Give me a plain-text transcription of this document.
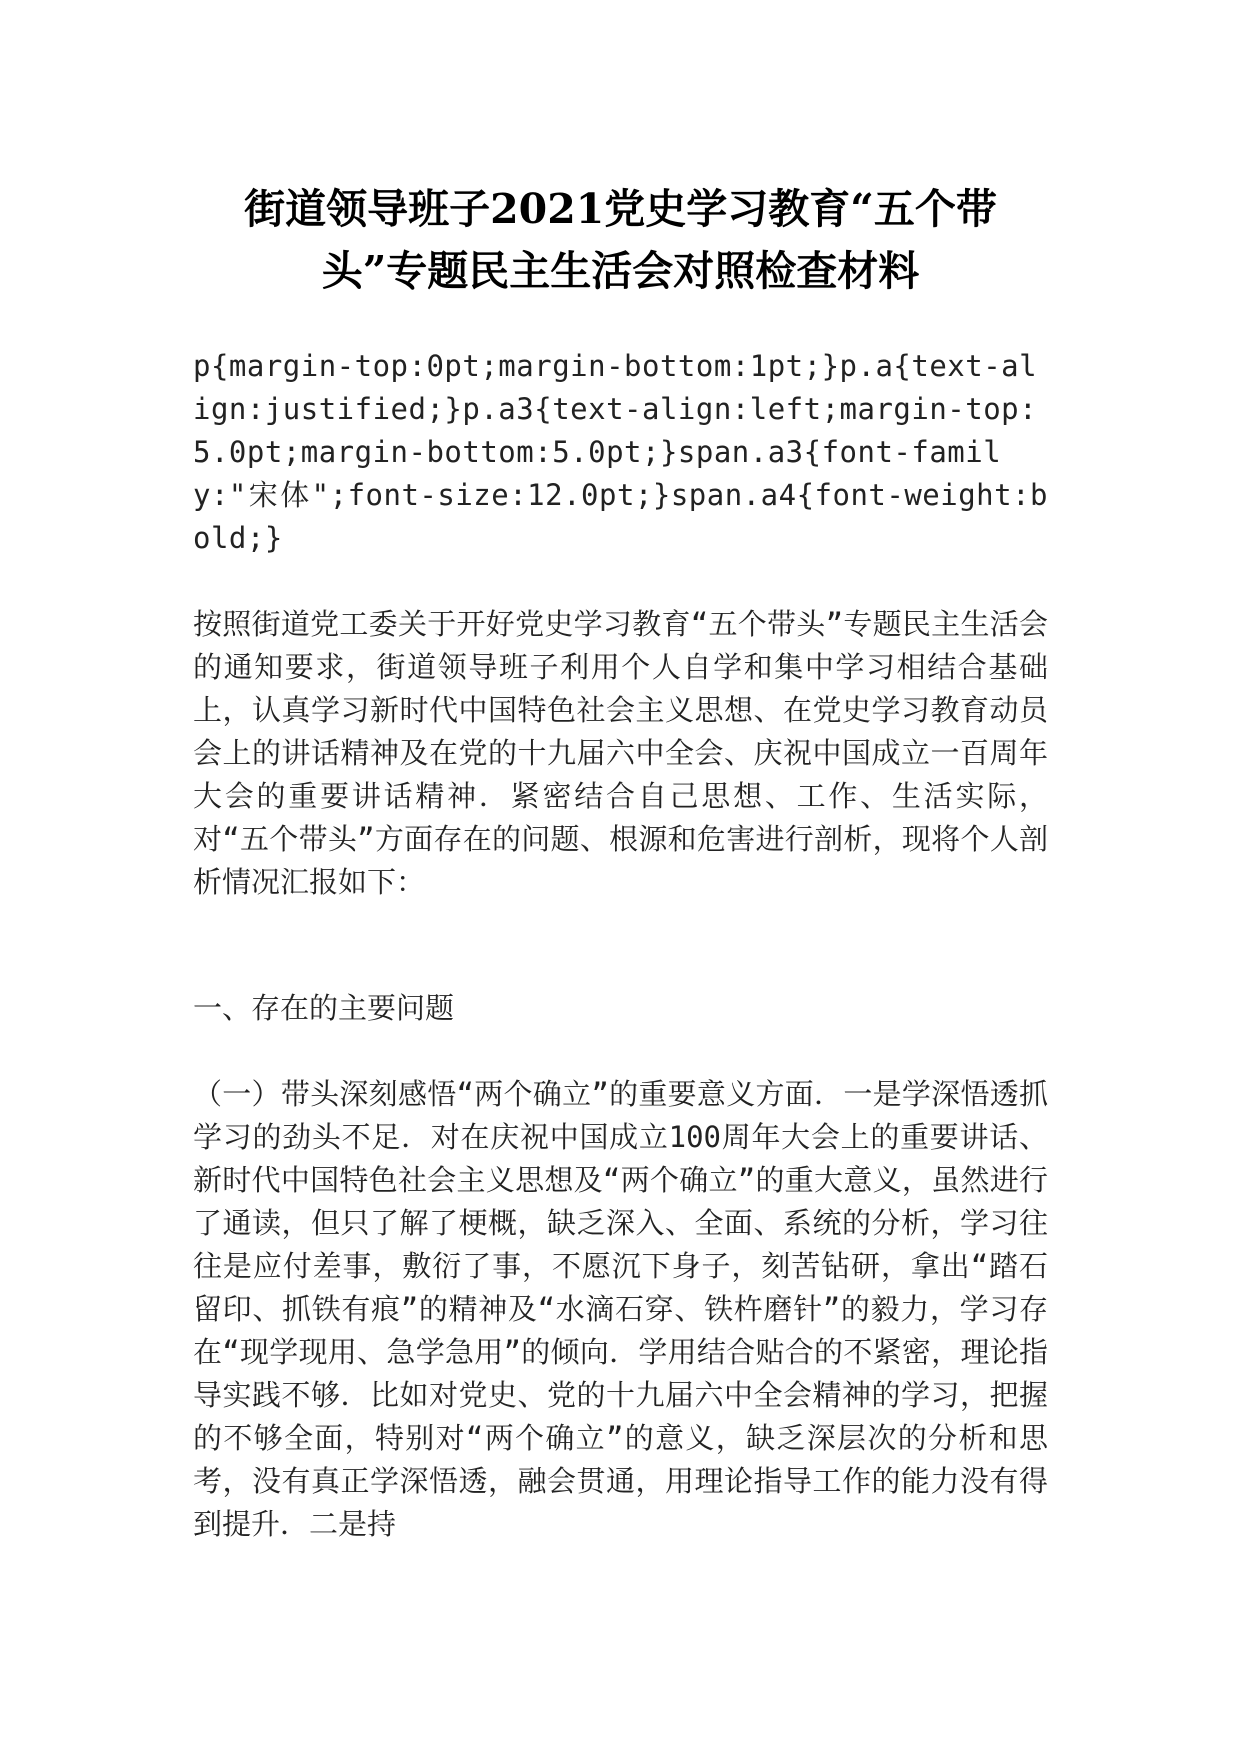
街道领导班子2021党史学习教育“五个带
头”专题民主生活会对照检查材料

p{margin-top:0pt;margin-bottom:1pt;}p.a{text-align:justified;}p.a3{text-align:left;margin-top:5.0pt;margin-bottom:5.0pt;}span.a3{font-family:"宋体";font-size:12.0pt;}span.a4{font-weight:bold;}

按照街道党工委关于开好党史学习教育“五个带头”专题民主生活会的通知要求，街道领导班子利用个人自学和集中学习相结合基础上，认真学习新时代中国特色社会主义思想、在党史学习教育动员会上的讲话精神及在党的十九届六中全会、庆祝中国成立一百周年大会的重要讲话精神．紧密结合自己思想、工作、生活实际，对“五个带头”方面存在的问题、根源和危害进行剖析，现将个人剖析情况汇报如下：

一、存在的主要问题

（一）带头深刻感悟“两个确立”的重要意义方面．一是学深悟透抓学习的劲头不足．对在庆祝中国成立100周年大会上的重要讲话、新时代中国特色社会主义思想及“两个确立”的重大意义，虽然进行了通读，但只了解了梗概，缺乏深入、全面、系统的分析，学习往往是应付差事，敷衍了事，不愿沉下身子，刻苦钻研，拿出“踏石留印、抓铁有痕”的精神及“水滴石穿、铁杵磨针”的毅力，学习存在“现学现用、急学急用”的倾向．学用结合贴合的不紧密，理论指导实践不够．比如对党史、党的十九届六中全会精神的学习，把握的不够全面，特别对“两个确立”的意义，缺乏深层次的分析和思考，没有真正学深悟透，融会贯通，用理论指导工作的能力没有得到提升．二是持
